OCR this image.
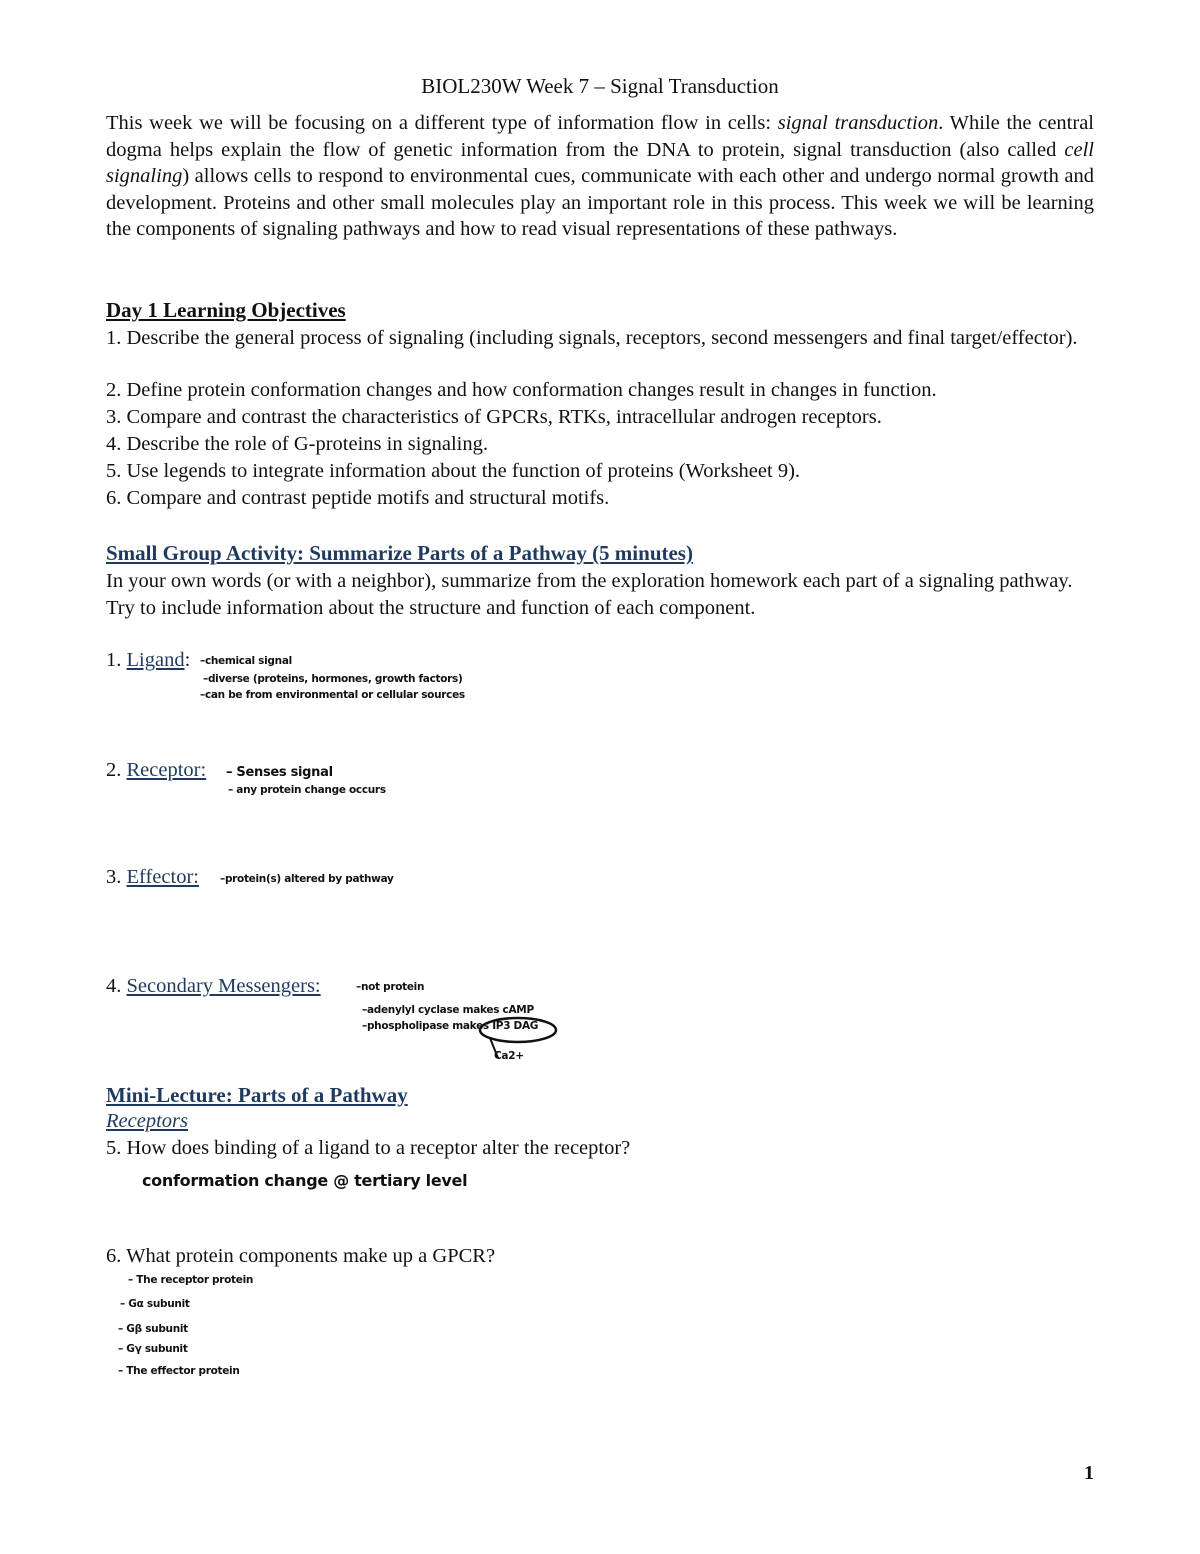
BIOL230W Week 7 – Signal Transduction
This week we will be focusing on a different type of information flow in cells: signal transduction. While the central dogma helps explain the flow of genetic information from the DNA to protein, signal transduction (also called cell signaling) allows cells to respond to environmental cues, communicate with each other and undergo normal growth and development. Proteins and other small molecules play an important role in this process. This week we will be learning the components of signaling pathways and how to read visual representations of these pathways.
Day 1 Learning Objectives
1. Describe the general process of signaling (including signals, receptors, second messengers and final target/effector).
2. Define protein conformation changes and how conformation changes result in changes in function.
3. Compare and contrast the characteristics of GPCRs, RTKs, intracellular androgen receptors.
4. Describe the role of G-proteins in signaling.
5. Use legends to integrate information about the function of proteins (Worksheet 9).
6. Compare and contrast peptide motifs and structural motifs.
Small Group Activity: Summarize Parts of a Pathway (5 minutes)
In your own words (or with a neighbor), summarize from the exploration homework each part of a signaling pathway. Try to include information about the structure and function of each component.
1. Ligand: –chemical signal
–diverse (proteins, hormones, growth factors)
–can be from environmental or cellular sources
2. Receptor: – Senses signal
– any protein change occurs
3. Effector: –protein(s) altered by pathway
4. Secondary Messengers:	–not protein
–adenylyl cyclase makes cAMP
–phospholipase makes IP3 DAG
Ca2+
Mini-Lecture: Parts of a Pathway
Receptors
5. How does binding of a ligand to a receptor alter the receptor?
conformation change @ tertiary level
6. What protein components make up a GPCR?
– The receptor protein
– Gα subunit
– Gβ subunit
– Gγ subunit
– The effector protein
1
